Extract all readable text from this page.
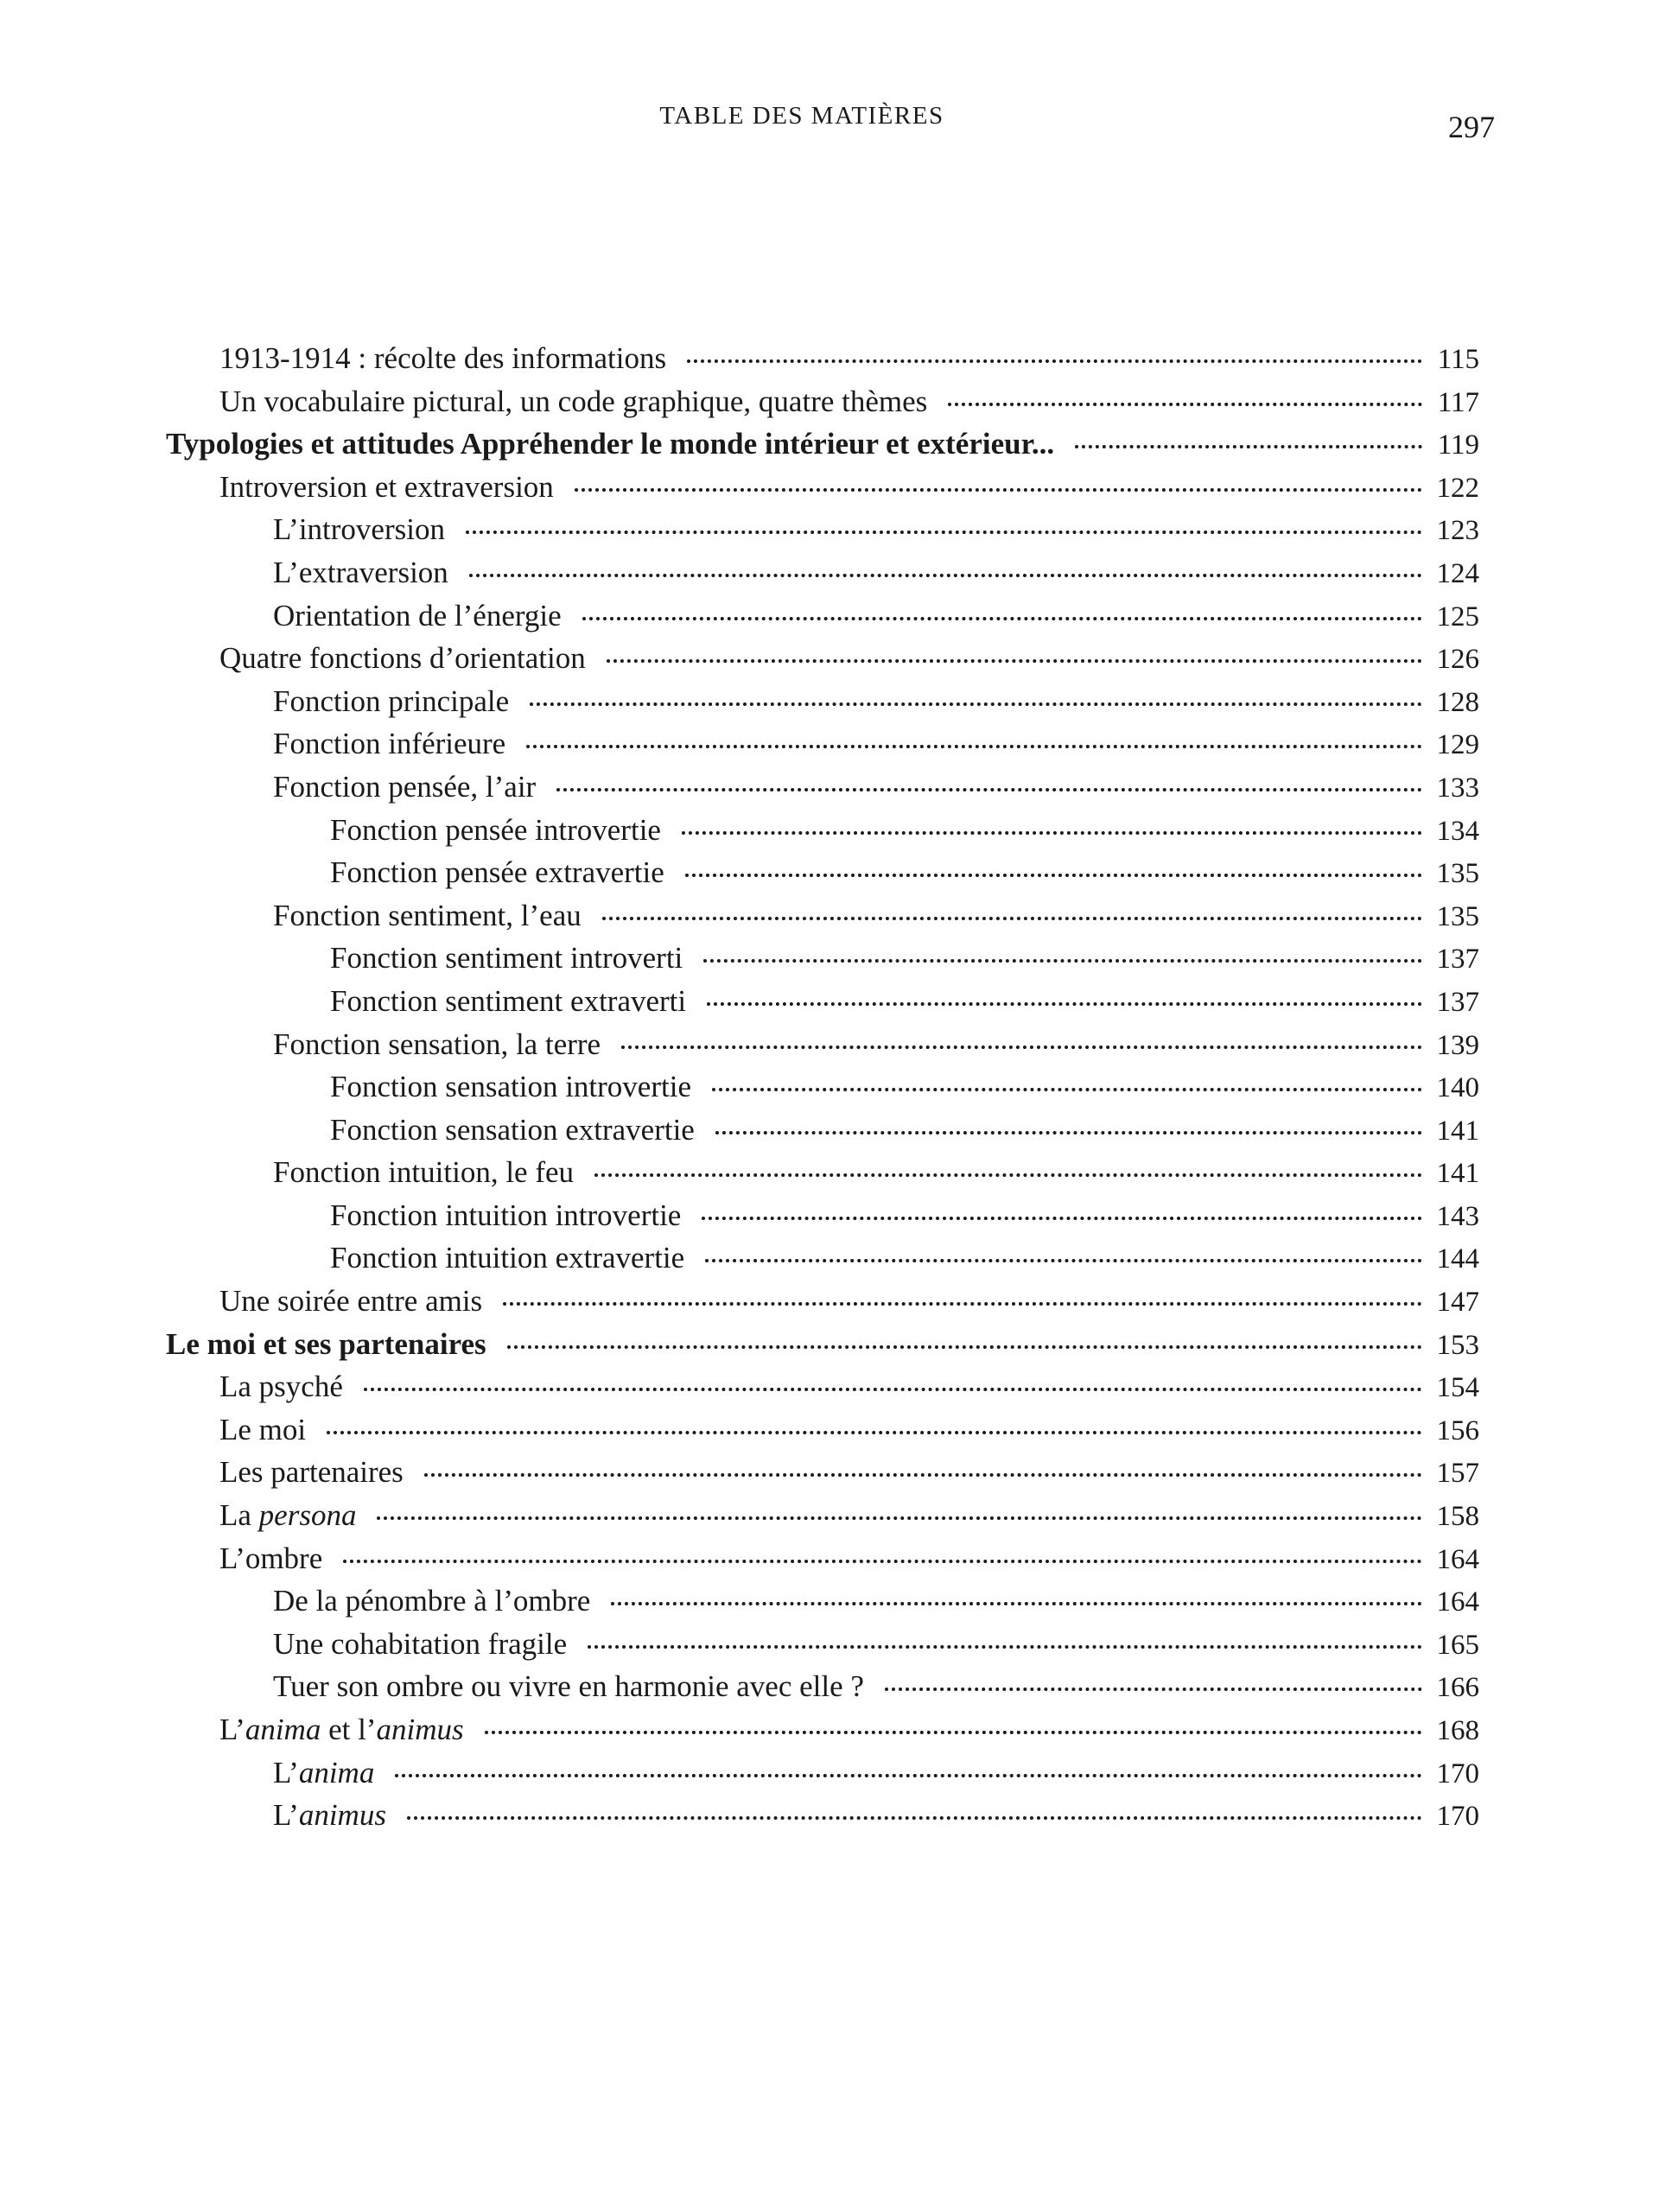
TABLE DES MATIÈRES	297
1913-1914 : récolte des informations	115
Un vocabulaire pictural, un code graphique, quatre thèmes	117
Typologies et attitudes Appréhender le monde intérieur et extérieur...	119
Introversion et extraversion	122
L’introversion	123
L’extraversion	124
Orientation de l’énergie	125
Quatre fonctions d’orientation	126
Fonction principale	128
Fonction inférieure	129
Fonction pensée, l’air	133
Fonction pensée introvertie	134
Fonction pensée extravertie	135
Fonction sentiment, l’eau	135
Fonction sentiment introverti	137
Fonction sentiment extraverti	137
Fonction sensation, la terre	139
Fonction sensation introvertie	140
Fonction sensation extravertie	141
Fonction intuition, le feu	141
Fonction intuition introvertie	143
Fonction intuition extravertie	144
Une soirée entre amis	147
Le moi et ses partenaires	153
La psyché	154
Le moi	156
Les partenaires	157
La persona	158
L’ombre	164
De la pénombre à l’ombre	164
Une cohabitation fragile	165
Tuer son ombre ou vivre en harmonie avec elle ?	166
L’anima et l’animus	168
L’anima	170
L’animus	170
